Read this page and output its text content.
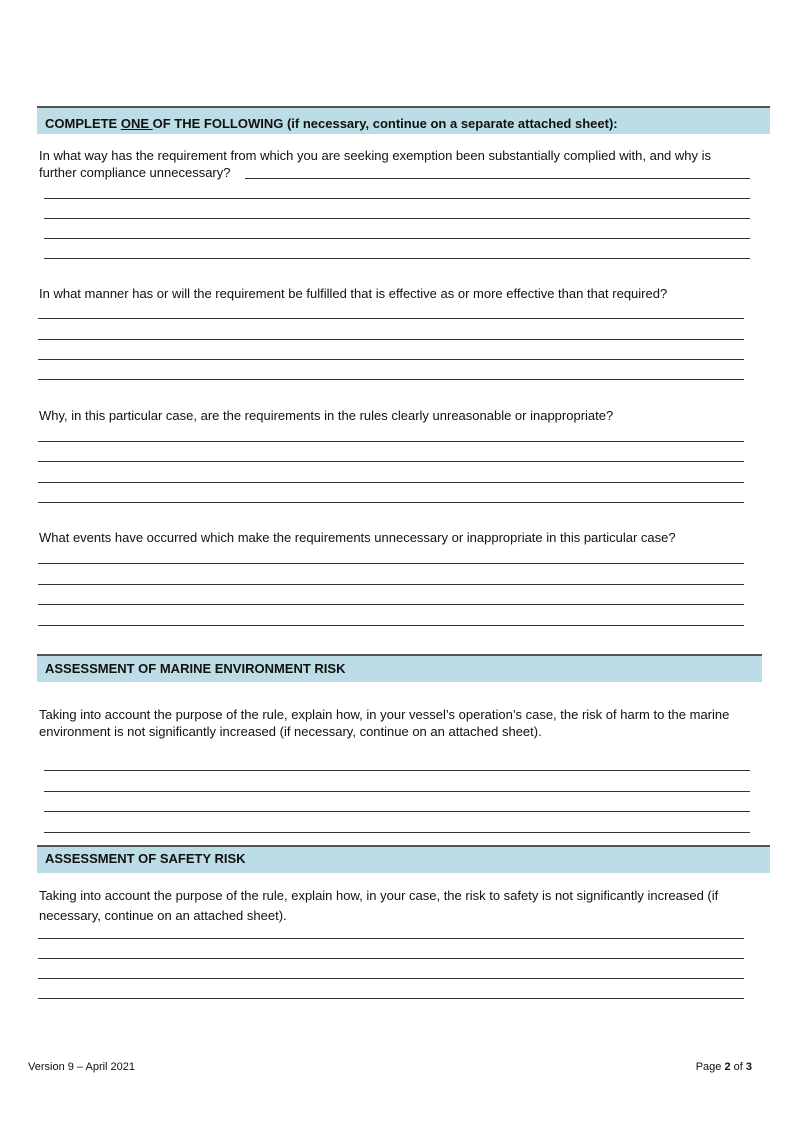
COMPLETE ONE OF THE FOLLOWING (if necessary, continue on a separate attached sheet):
In what way has the requirement from which you are seeking exemption been substantially complied with, and why is
further compliance unnecessary?
In what manner has or will the requirement be fulfilled that is effective as or more effective than that required?
Why, in this particular case, are the requirements in the rules clearly unreasonable or inappropriate?
What events have occurred which make the requirements unnecessary or inappropriate in this particular case?
ASSESSMENT OF MARINE ENVIRONMENT RISK
Taking into account the purpose of the rule, explain how, in your vessel’s operation’s case, the risk of harm to the marine
environment is not significantly increased (if necessary, continue on an attached sheet).
ASSESSMENT OF SAFETY RISK
Taking into account the purpose of the rule, explain how, in your case, the risk to safety is not significantly increased (if
necessary, continue on an attached sheet).
Version 9 – April 2021	Page 2 of 3
